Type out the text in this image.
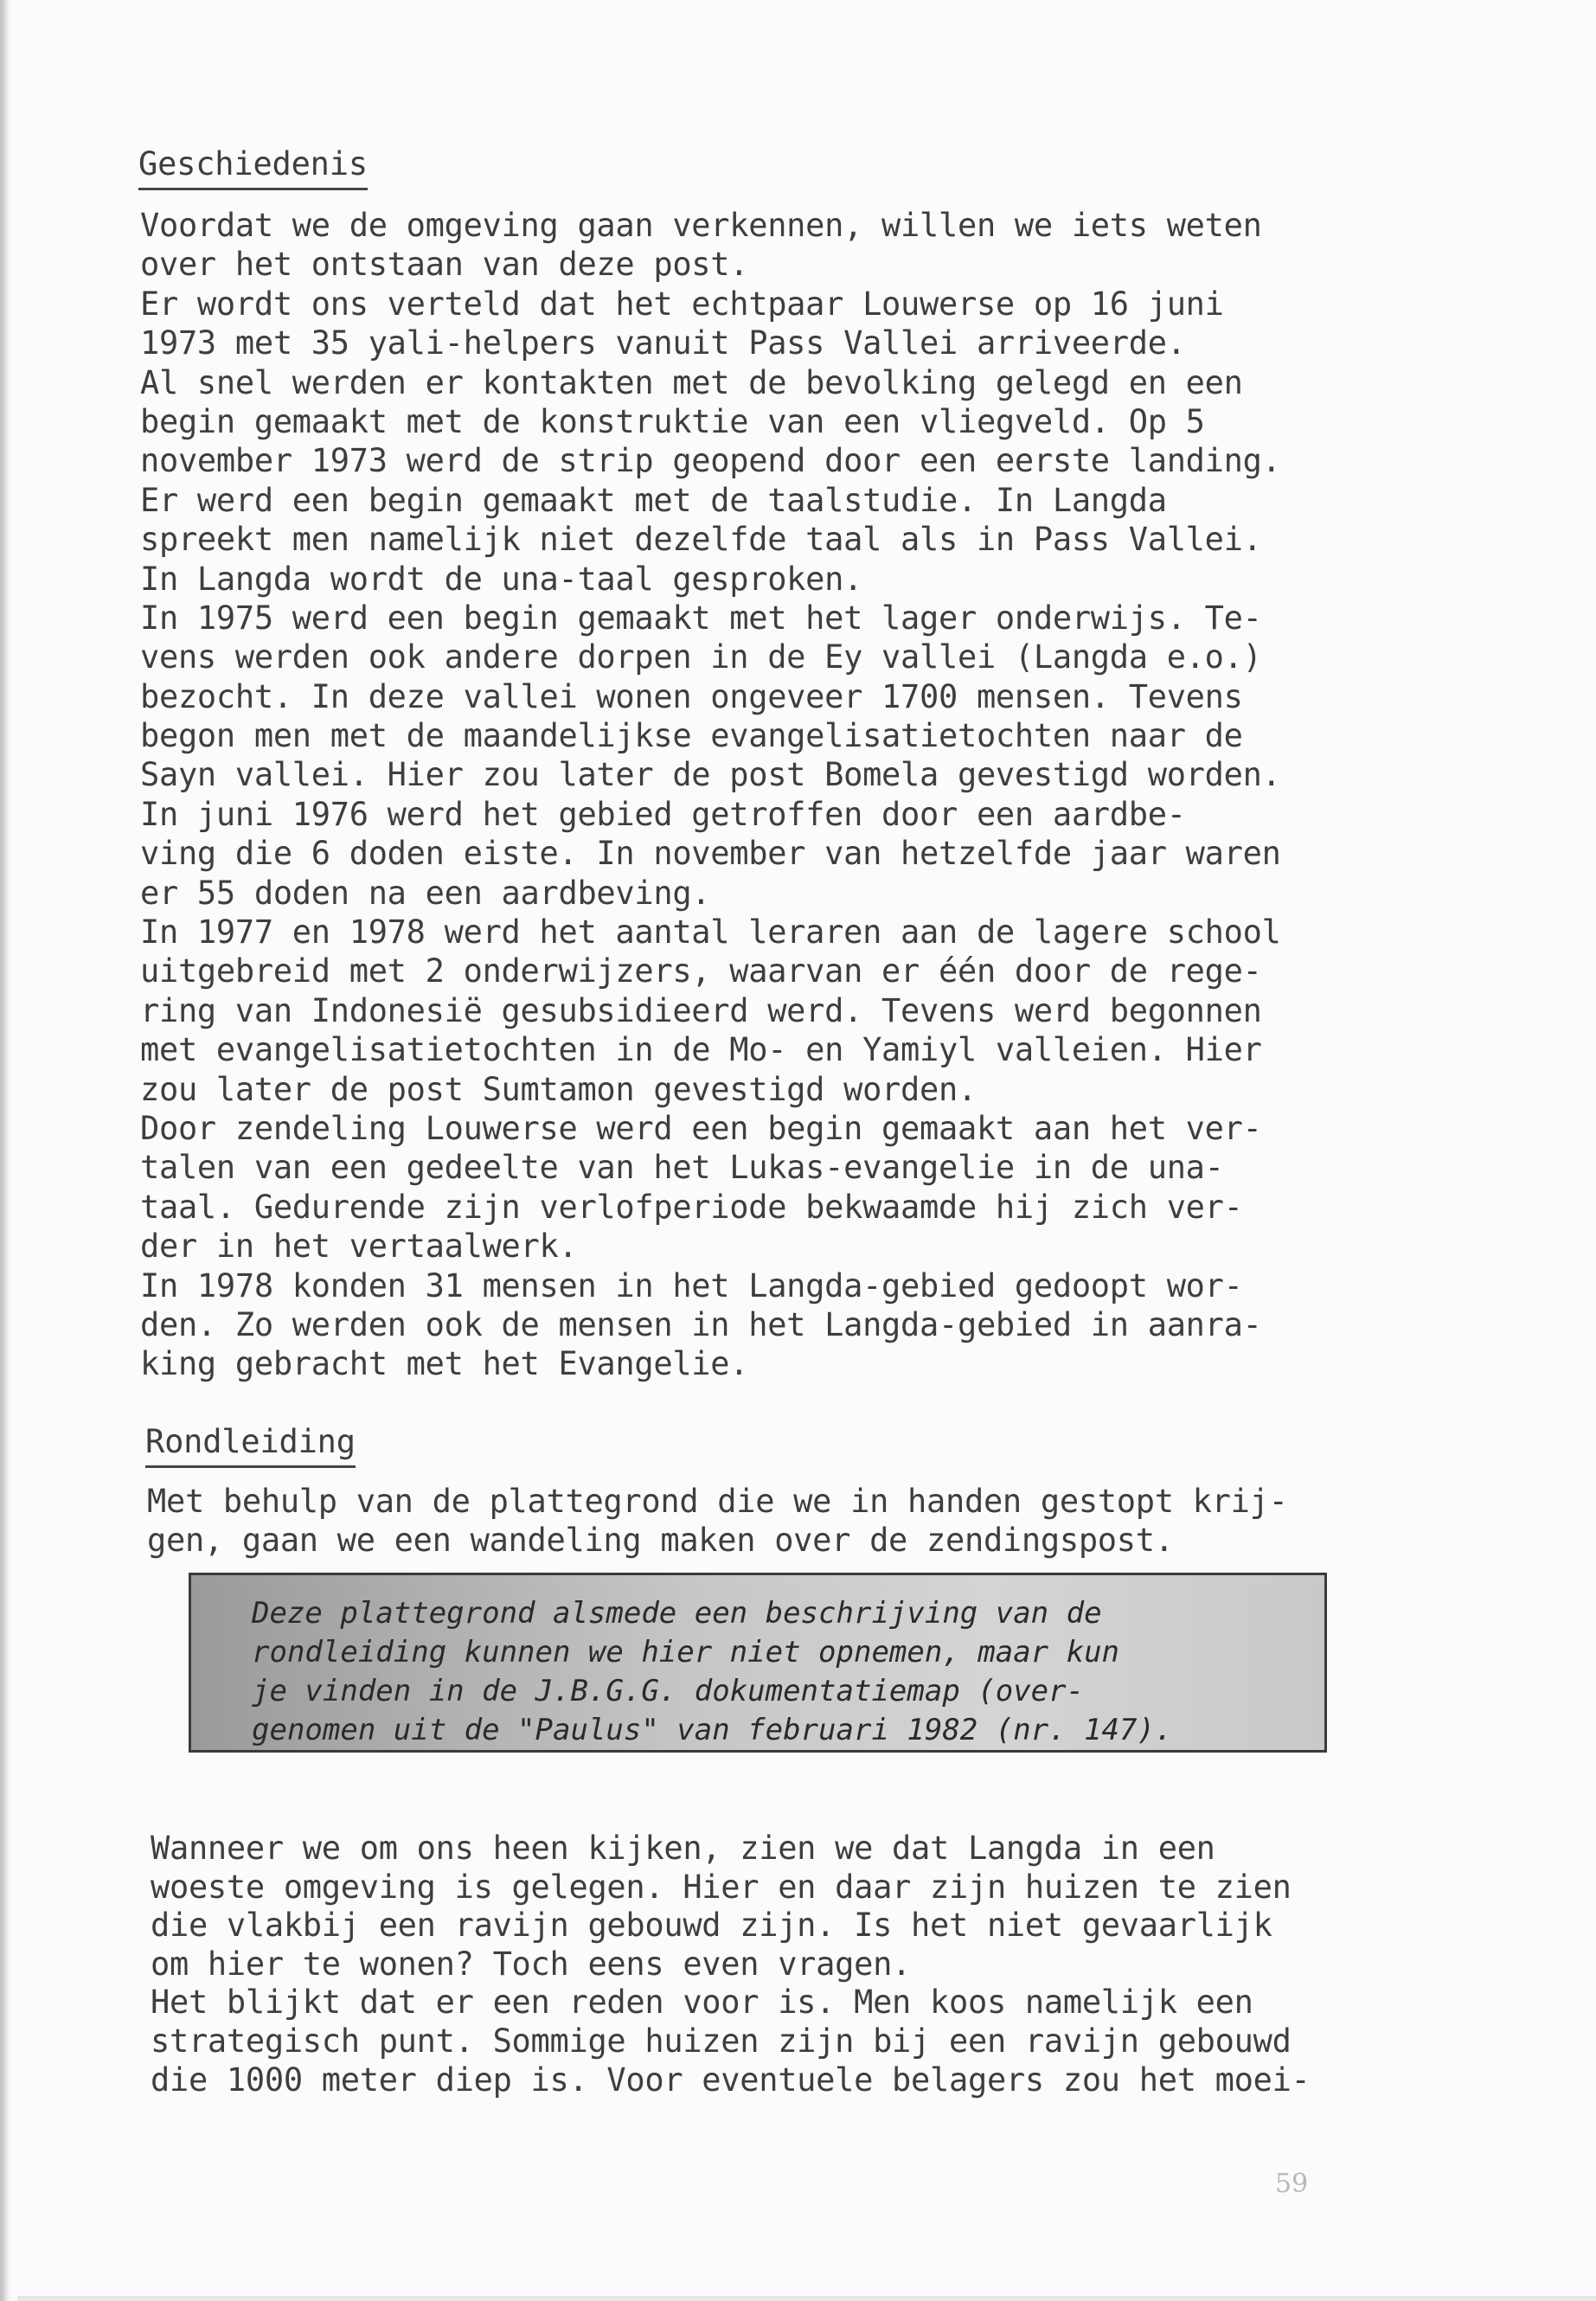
Geschiedenis
Voordat we de omgeving gaan verkennen, willen we iets weten
over het ontstaan van deze post.
Er wordt ons verteld dat het echtpaar Louwerse op 16 juni
1973 met 35 yali-helpers vanuit Pass Vallei arriveerde.
Al snel werden er kontakten met de bevolking gelegd en een
begin gemaakt met de konstruktie van een vliegveld. Op 5
november 1973 werd de strip geopend door een eerste landing.
Er werd een begin gemaakt met de taalstudie. In Langda
spreekt men namelijk niet dezelfde taal als in Pass Vallei.
In Langda wordt de una-taal gesproken.
In 1975 werd een begin gemaakt met het lager onderwijs. Te-
vens werden ook andere dorpen in de Ey vallei (Langda e.o.)
bezocht. In deze vallei wonen ongeveer 1700 mensen. Tevens
begon men met de maandelijkse evangelisatietochten naar de
Sayn vallei. Hier zou later de post Bomela gevestigd worden.
In juni 1976 werd het gebied getroffen door een aardbe-
ving die 6 doden eiste. In november van hetzelfde jaar waren
er 55 doden na een aardbeving.
In 1977 en 1978 werd het aantal leraren aan de lagere school
uitgebreid met 2 onderwijzers, waarvan er één door de rege-
ring van Indonesië gesubsidieerd werd. Tevens werd begonnen
met evangelisatietochten in de Mo- en Yamiyl valleien. Hier
zou later de post Sumtamon gevestigd worden.
Door zendeling Louwerse werd een begin gemaakt aan het ver-
talen van een gedeelte van het Lukas-evangelie in de una-
taal. Gedurende zijn verlofperiode bekwaamde hij zich ver-
der in het vertaalwerk.
In 1978 konden 31 mensen in het Langda-gebied gedoopt wor-
den. Zo werden ook de mensen in het Langda-gebied in aanra-
king gebracht met het Evangelie.
Rondleiding
Met behulp van de plattegrond die we in handen gestopt krij-
gen, gaan we een wandeling maken over de zendingspost.
Deze plattegrond alsmede een beschrijving van de
rondleiding kunnen we hier niet opnemen, maar kun
je vinden in de J.B.G.G. dokumentatiemap (over-
genomen uit de "Paulus" van februari 1982 (nr. 147).
Wanneer we om ons heen kijken, zien we dat Langda in een
woeste omgeving is gelegen. Hier en daar zijn huizen te zien
die vlakbij een ravijn gebouwd zijn. Is het niet gevaarlijk
om hier te wonen? Toch eens even vragen.
Het blijkt dat er een reden voor is. Men koos namelijk een
strategisch punt. Sommige huizen zijn bij een ravijn gebouwd
die 1000 meter diep is. Voor eventuele belagers zou het moei-
59
